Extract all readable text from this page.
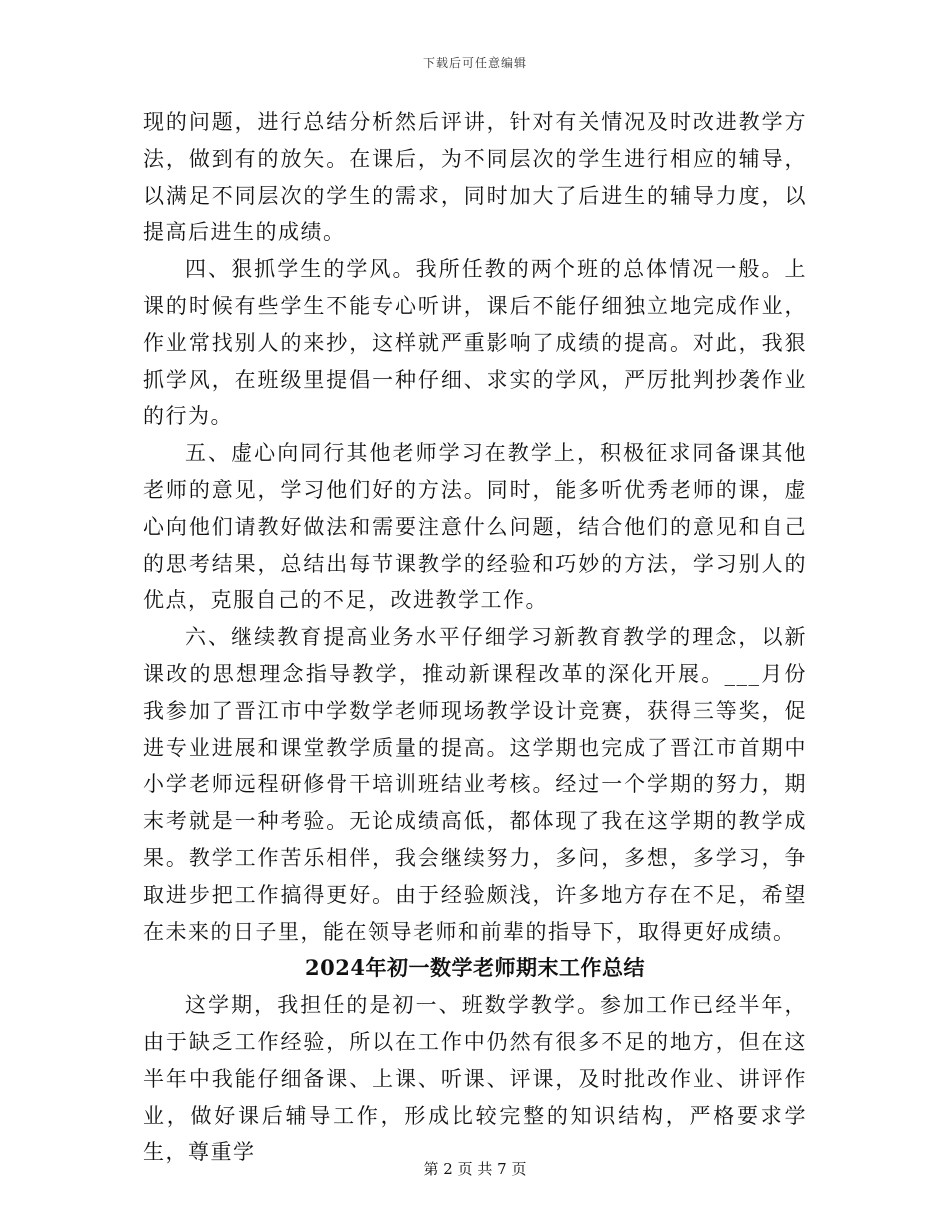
下载后可任意编辑

现的问题，进行总结分析然后评讲，针对有关情况及时改进教学方法，做到有的放矢。在课后，为不同层次的学生进行相应的辅导，以满足不同层次的学生的需求，同时加大了后进生的辅导力度，以提高后进生的成绩。

四、狠抓学生的学风。我所任教的两个班的总体情况一般。上课的时候有些学生不能专心听讲，课后不能仔细独立地完成作业，作业常找别人的来抄，这样就严重影响了成绩的提高。对此，我狠抓学风，在班级里提倡一种仔细、求实的学风，严厉批判抄袭作业的行为。

五、虚心向同行其他老师学习在教学上，积极征求同备课其他老师的意见，学习他们好的方法。同时，能多听优秀老师的课，虚心向他们请教好做法和需要注意什么问题，结合他们的意见和自己的思考结果，总结出每节课教学的经验和巧妙的方法，学习别人的优点，克服自己的不足，改进教学工作。

六、继续教育提高业务水平仔细学习新教育教学的理念，以新课改的思想理念指导教学，推动新课程改革的深化开展。___月份我参加了晋江市中学数学老师现场教学设计竞赛，获得三等奖，促进专业进展和课堂教学质量的提高。这学期也完成了晋江市首期中小学老师远程研修骨干培训班结业考核。经过一个学期的努力，期末考就是一种考验。无论成绩高低，都体现了我在这学期的教学成果。教学工作苦乐相伴，我会继续努力，多问，多想，多学习，争取进步把工作搞得更好。由于经验颇浅，许多地方存在不足，希望在未来的日子里，能在领导老师和前辈的指导下，取得更好成绩。

2024年初一数学老师期末工作总结

这学期，我担任的是初一、班数学教学。参加工作已经半年，由于缺乏工作经验，所以在工作中仍然有很多不足的地方，但在这半年中我能仔细备课、上课、听课、评课，及时批改作业、讲评作业，做好课后辅导工作，形成比较完整的知识结构，严格要求学生，尊重学

第 2 页 共 7 页
